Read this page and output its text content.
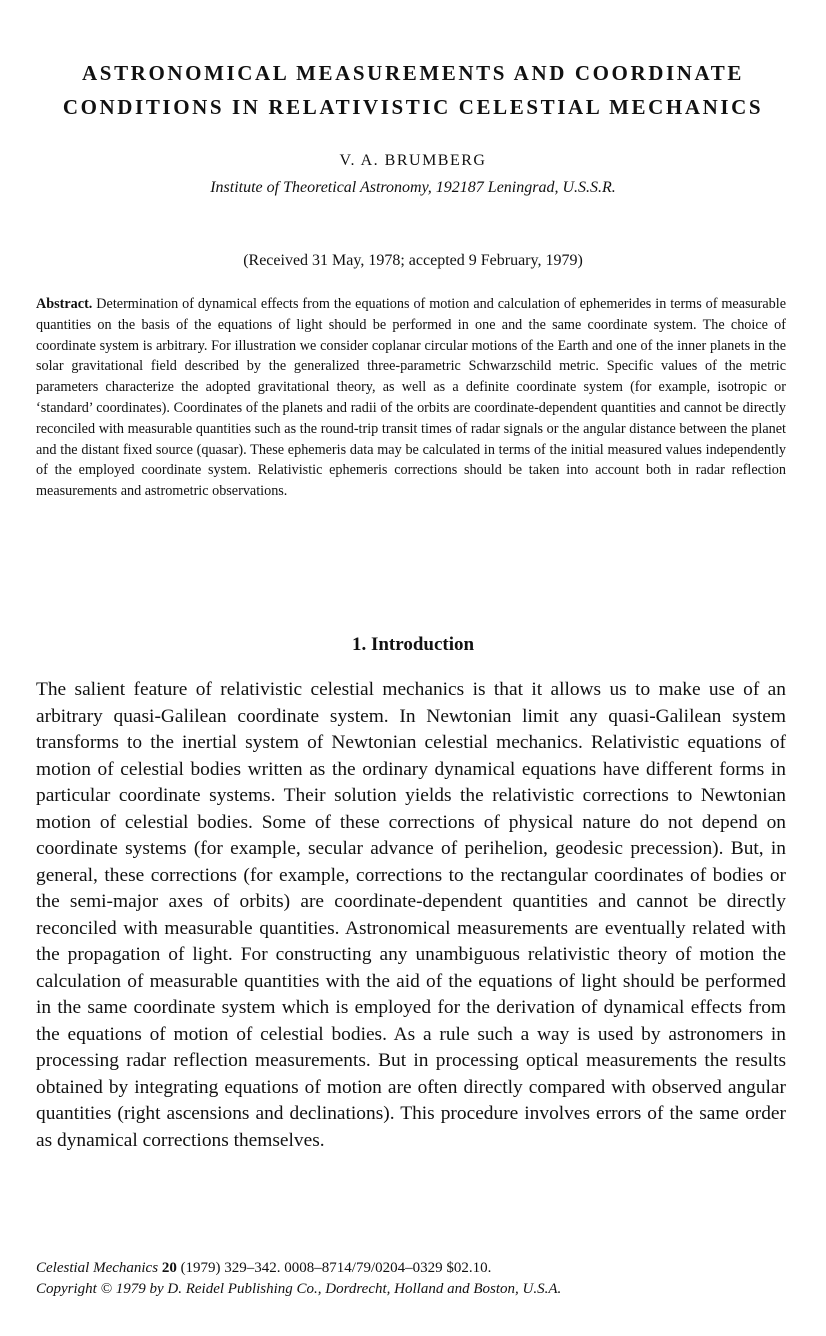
ASTRONOMICAL MEASUREMENTS AND COORDINATE
CONDITIONS IN RELATIVISTIC CELESTIAL MECHANICS
V. A. BRUMBERG
Institute of Theoretical Astronomy, 192187 Leningrad, U.S.S.R.
(Received 31 May, 1978; accepted 9 February, 1979)
Abstract. Determination of dynamical effects from the equations of motion and calculation of ephemerides in terms of measurable quantities on the basis of the equations of light should be performed in one and the same coordinate system. The choice of coordinate system is arbitrary. For illustration we consider coplanar circular motions of the Earth and one of the inner planets in the solar gravitational field described by the generalized three-parametric Schwarzschild metric. Specific values of the metric parameters characterize the adopted gravitational theory, as well as a definite coordinate system (for example, isotropic or ‘standard’ coordinates). Coordinates of the planets and radii of the orbits are coordinate-dependent quantities and cannot be directly reconciled with measurable quantities such as the round-trip transit times of radar signals or the angular distance between the planet and the distant fixed source (quasar). These ephemeris data may be calculated in terms of the initial measured values independently of the employed coordinate system. Relativistic ephemeris corrections should be taken into account both in radar reflection measurements and astrometric observations.
1. Introduction
The salient feature of relativistic celestial mechanics is that it allows us to make use of an arbitrary quasi-Galilean coordinate system. In Newtonian limit any quasi-Galilean system transforms to the inertial system of Newtonian celestial mechanics. Relativistic equations of motion of celestial bodies written as the ordinary dynamical equations have different forms in particular coordinate systems. Their solution yields the relativistic corrections to Newtonian motion of celestial bodies. Some of these corrections of physical nature do not depend on coordinate systems (for example, secular advance of perihelion, geodesic precession). But, in general, these corrections (for example, corrections to the rectangular coordinates of bodies or the semi-major axes of orbits) are coordinate-dependent quantities and cannot be directly reconciled with measurable quantities. Astronomical measurements are eventually related with the propagation of light. For constructing any unambiguous relativistic theory of motion the calculation of measurable quantities with the aid of the equations of light should be performed in the same coordinate system which is employed for the derivation of dynamical effects from the equations of motion of celestial bodies. As a rule such a way is used by astronomers in processing radar reflection measurements. But in processing optical measurements the results obtained by integrating equations of motion are often directly compared with observed angular quantities (right ascensions and declinations). This procedure involves errors of the same order as dynamical corrections themselves.
Celestial Mechanics 20 (1979) 329–342. 0008–8714/79/0204–0329 $02.10.
Copyright © 1979 by D. Reidel Publishing Co., Dordrecht, Holland and Boston, U.S.A.
